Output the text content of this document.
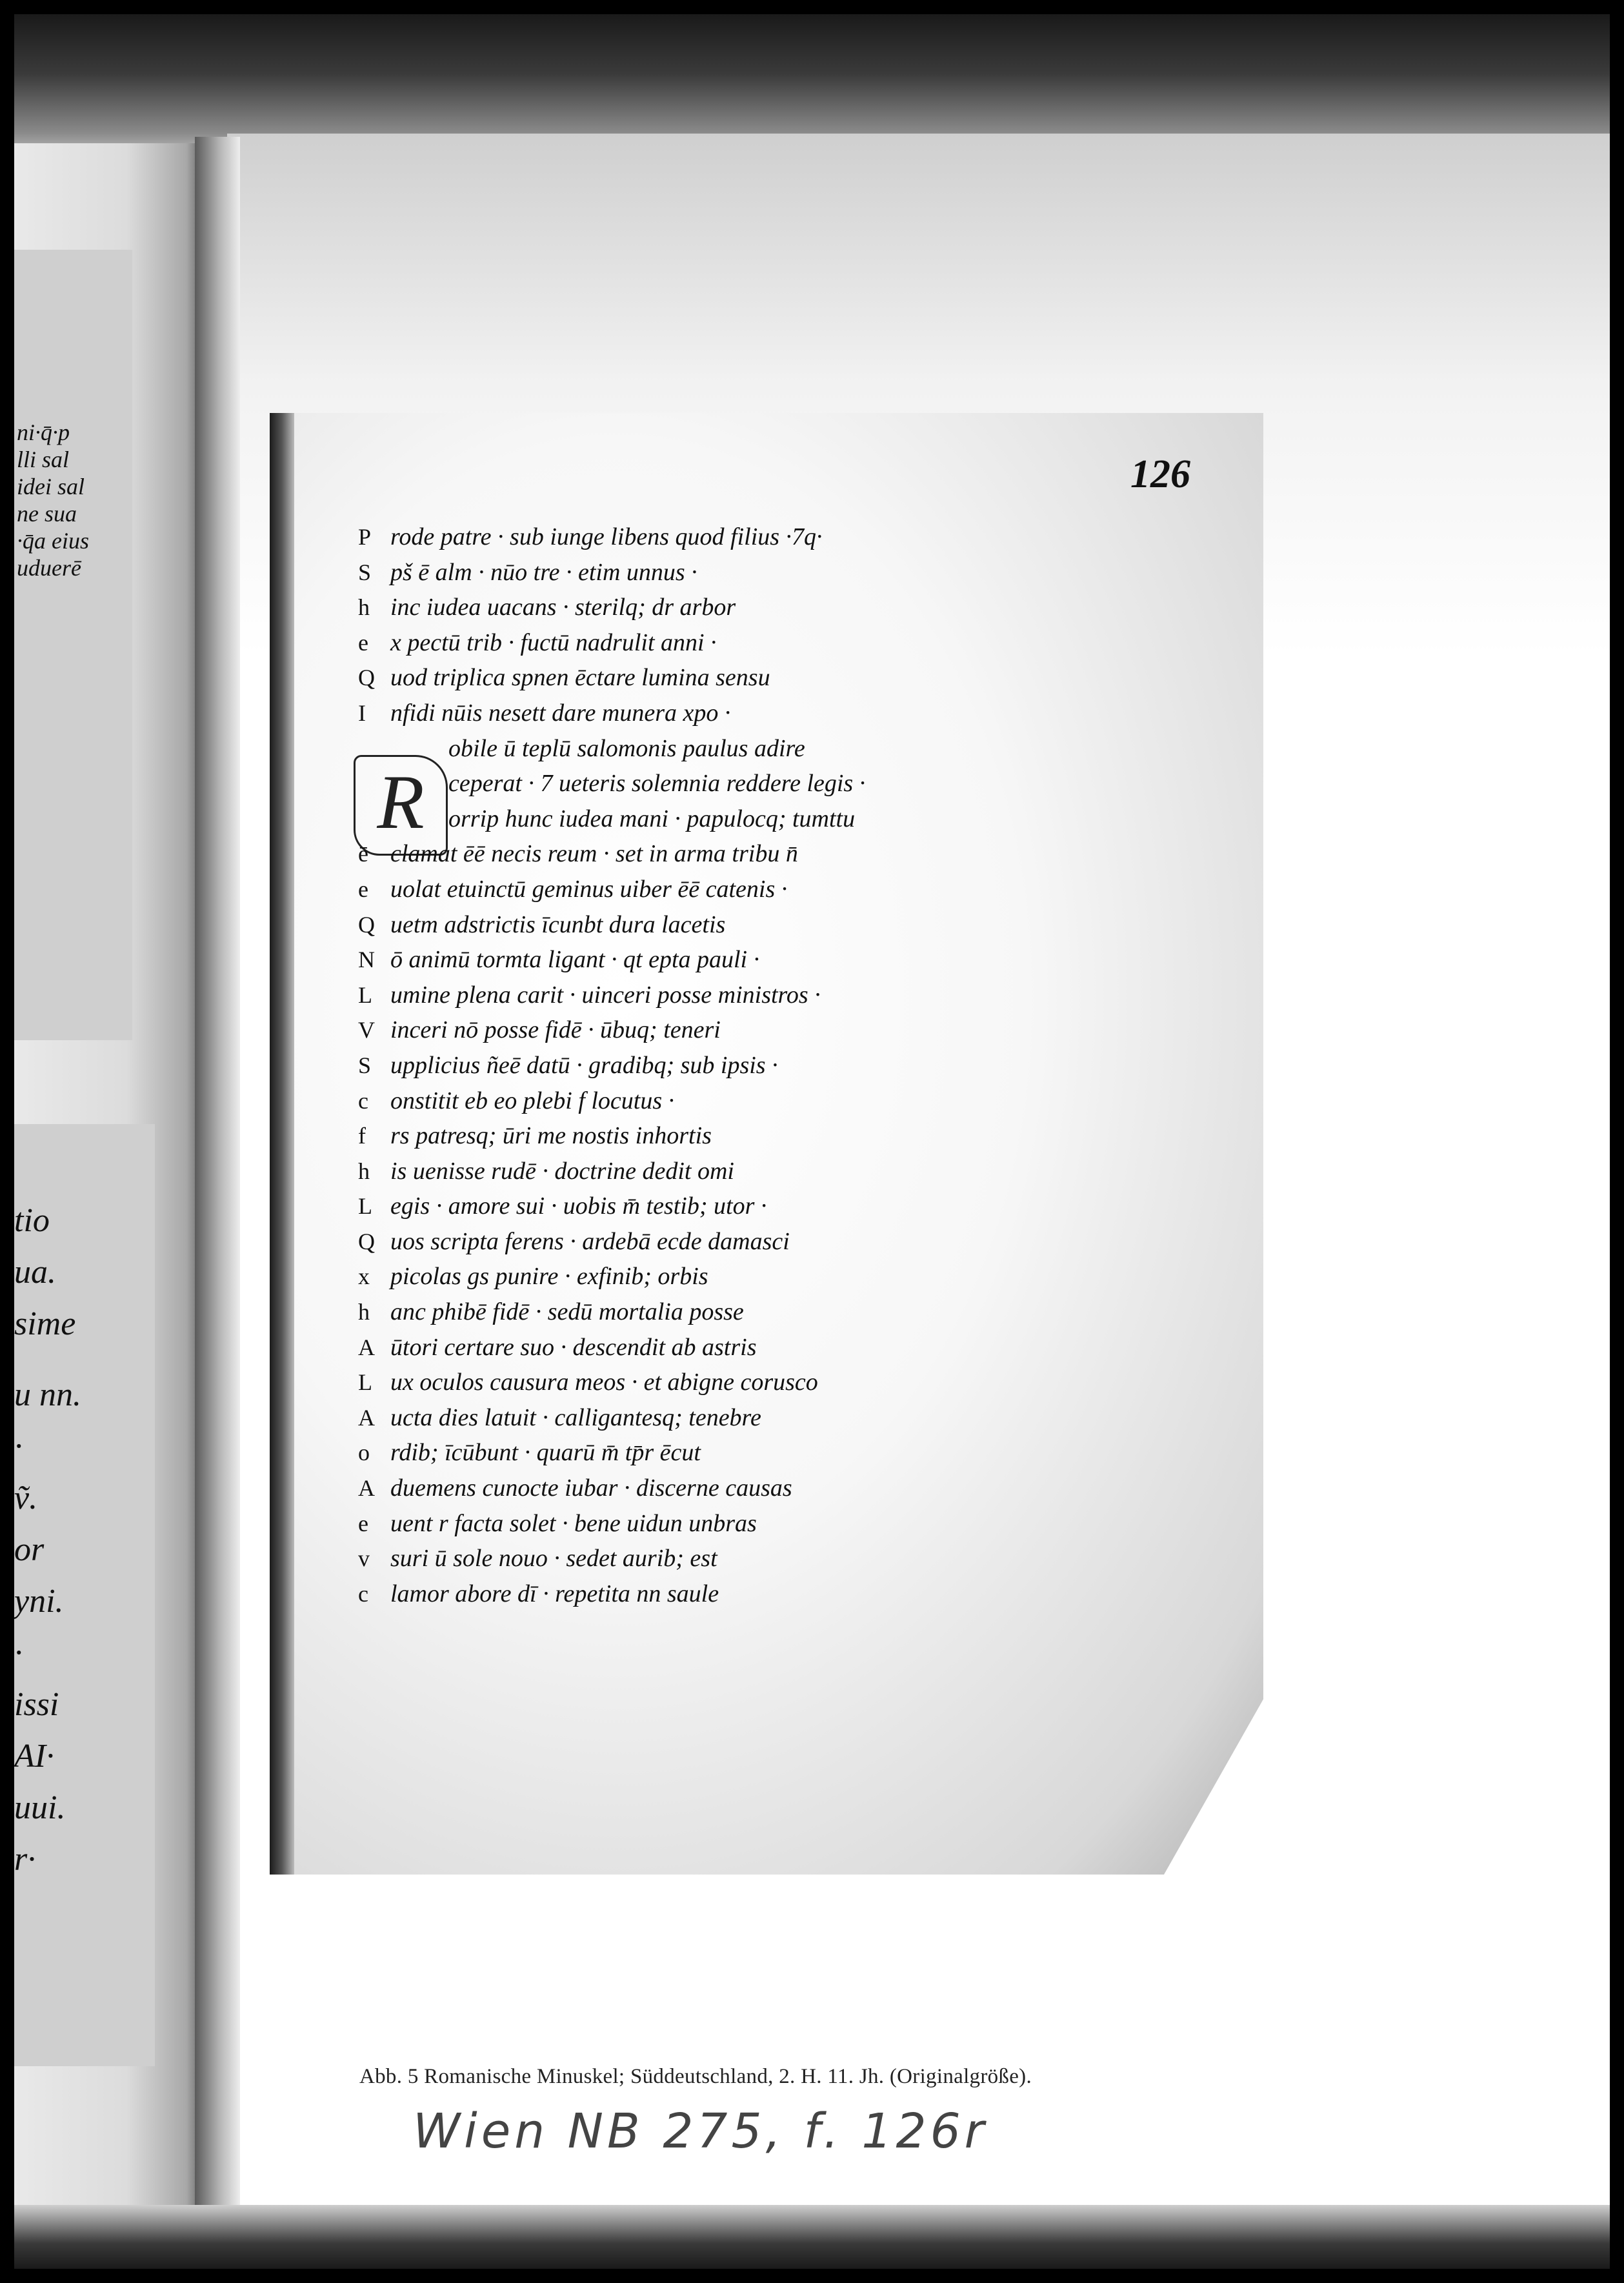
ni·q̄·p
lli sal
idei sal
ne sua
·q̄a eius
uduerē
tio
ua.
sime
u nn.
·
ṽ.
or
yni.
·
issi
AI·
uui.
r·
126
R
P rode patre · sub iunge libens quod filius ·7q·
S pš ē alm · nūo tre · etim unnus ·
h inc iudea uacans · sterilq; dr arbor
e x pectū trib · fuctū nadrulit anni ·
Q uod triplica spnen ēctare lumina sensu
I nfidi nūis nesett dare munera xpo ·
obile ū teplū salomonis paulus adire
ceperat · 7 ueteris solemnia reddere legis ·
orrip hunc iudea mani · papulocq; tumttu
ē clamat ēē necis reum · set in arma tribu n̄
e uolat etuinctū geminus uiber ēē catenis ·
Q uetm adstrictis īcunbt dura lacetis
N ō animū tormta ligant · qt epta pauli ·
L umine plena carit · uinceri posse ministros ·
V inceri nō posse fidē · ūbuq; teneri
S upplicius ñeē datū · gradibq; sub ipsis ·
c onstitit eb eo plebi f locutus ·
f rs patresq; ūri me nostis inhortis
h is uenisse rudē · doctrine dedit omi
L egis · amore sui · uobis m̄ testib; utor ·
Q uos scripta ferens · ardebā ecde damasci
x picolas gs punire · exfinib; orbis
h anc phibē fidē · sedū mortalia posse
A ūtori certare suo · descendit ab astris
L ux oculos causura meos · et abigne corusco
A ucta dies latuit · calligantesq; tenebre
o rdib; īcūbunt · quarū m̄ tp̄r ēcut
A duemens cunocte iubar · discerne causas
e uent r facta solet · bene uidun unbras
v suri ū sole nouo · sedet aurib; est
c lamor abore dī · repetita nn saule
Abb. 5 Romanische Minuskel; Süddeutschland, 2. H. 11. Jh. (Originalgröße).
Wien NB 275, f. 126r
